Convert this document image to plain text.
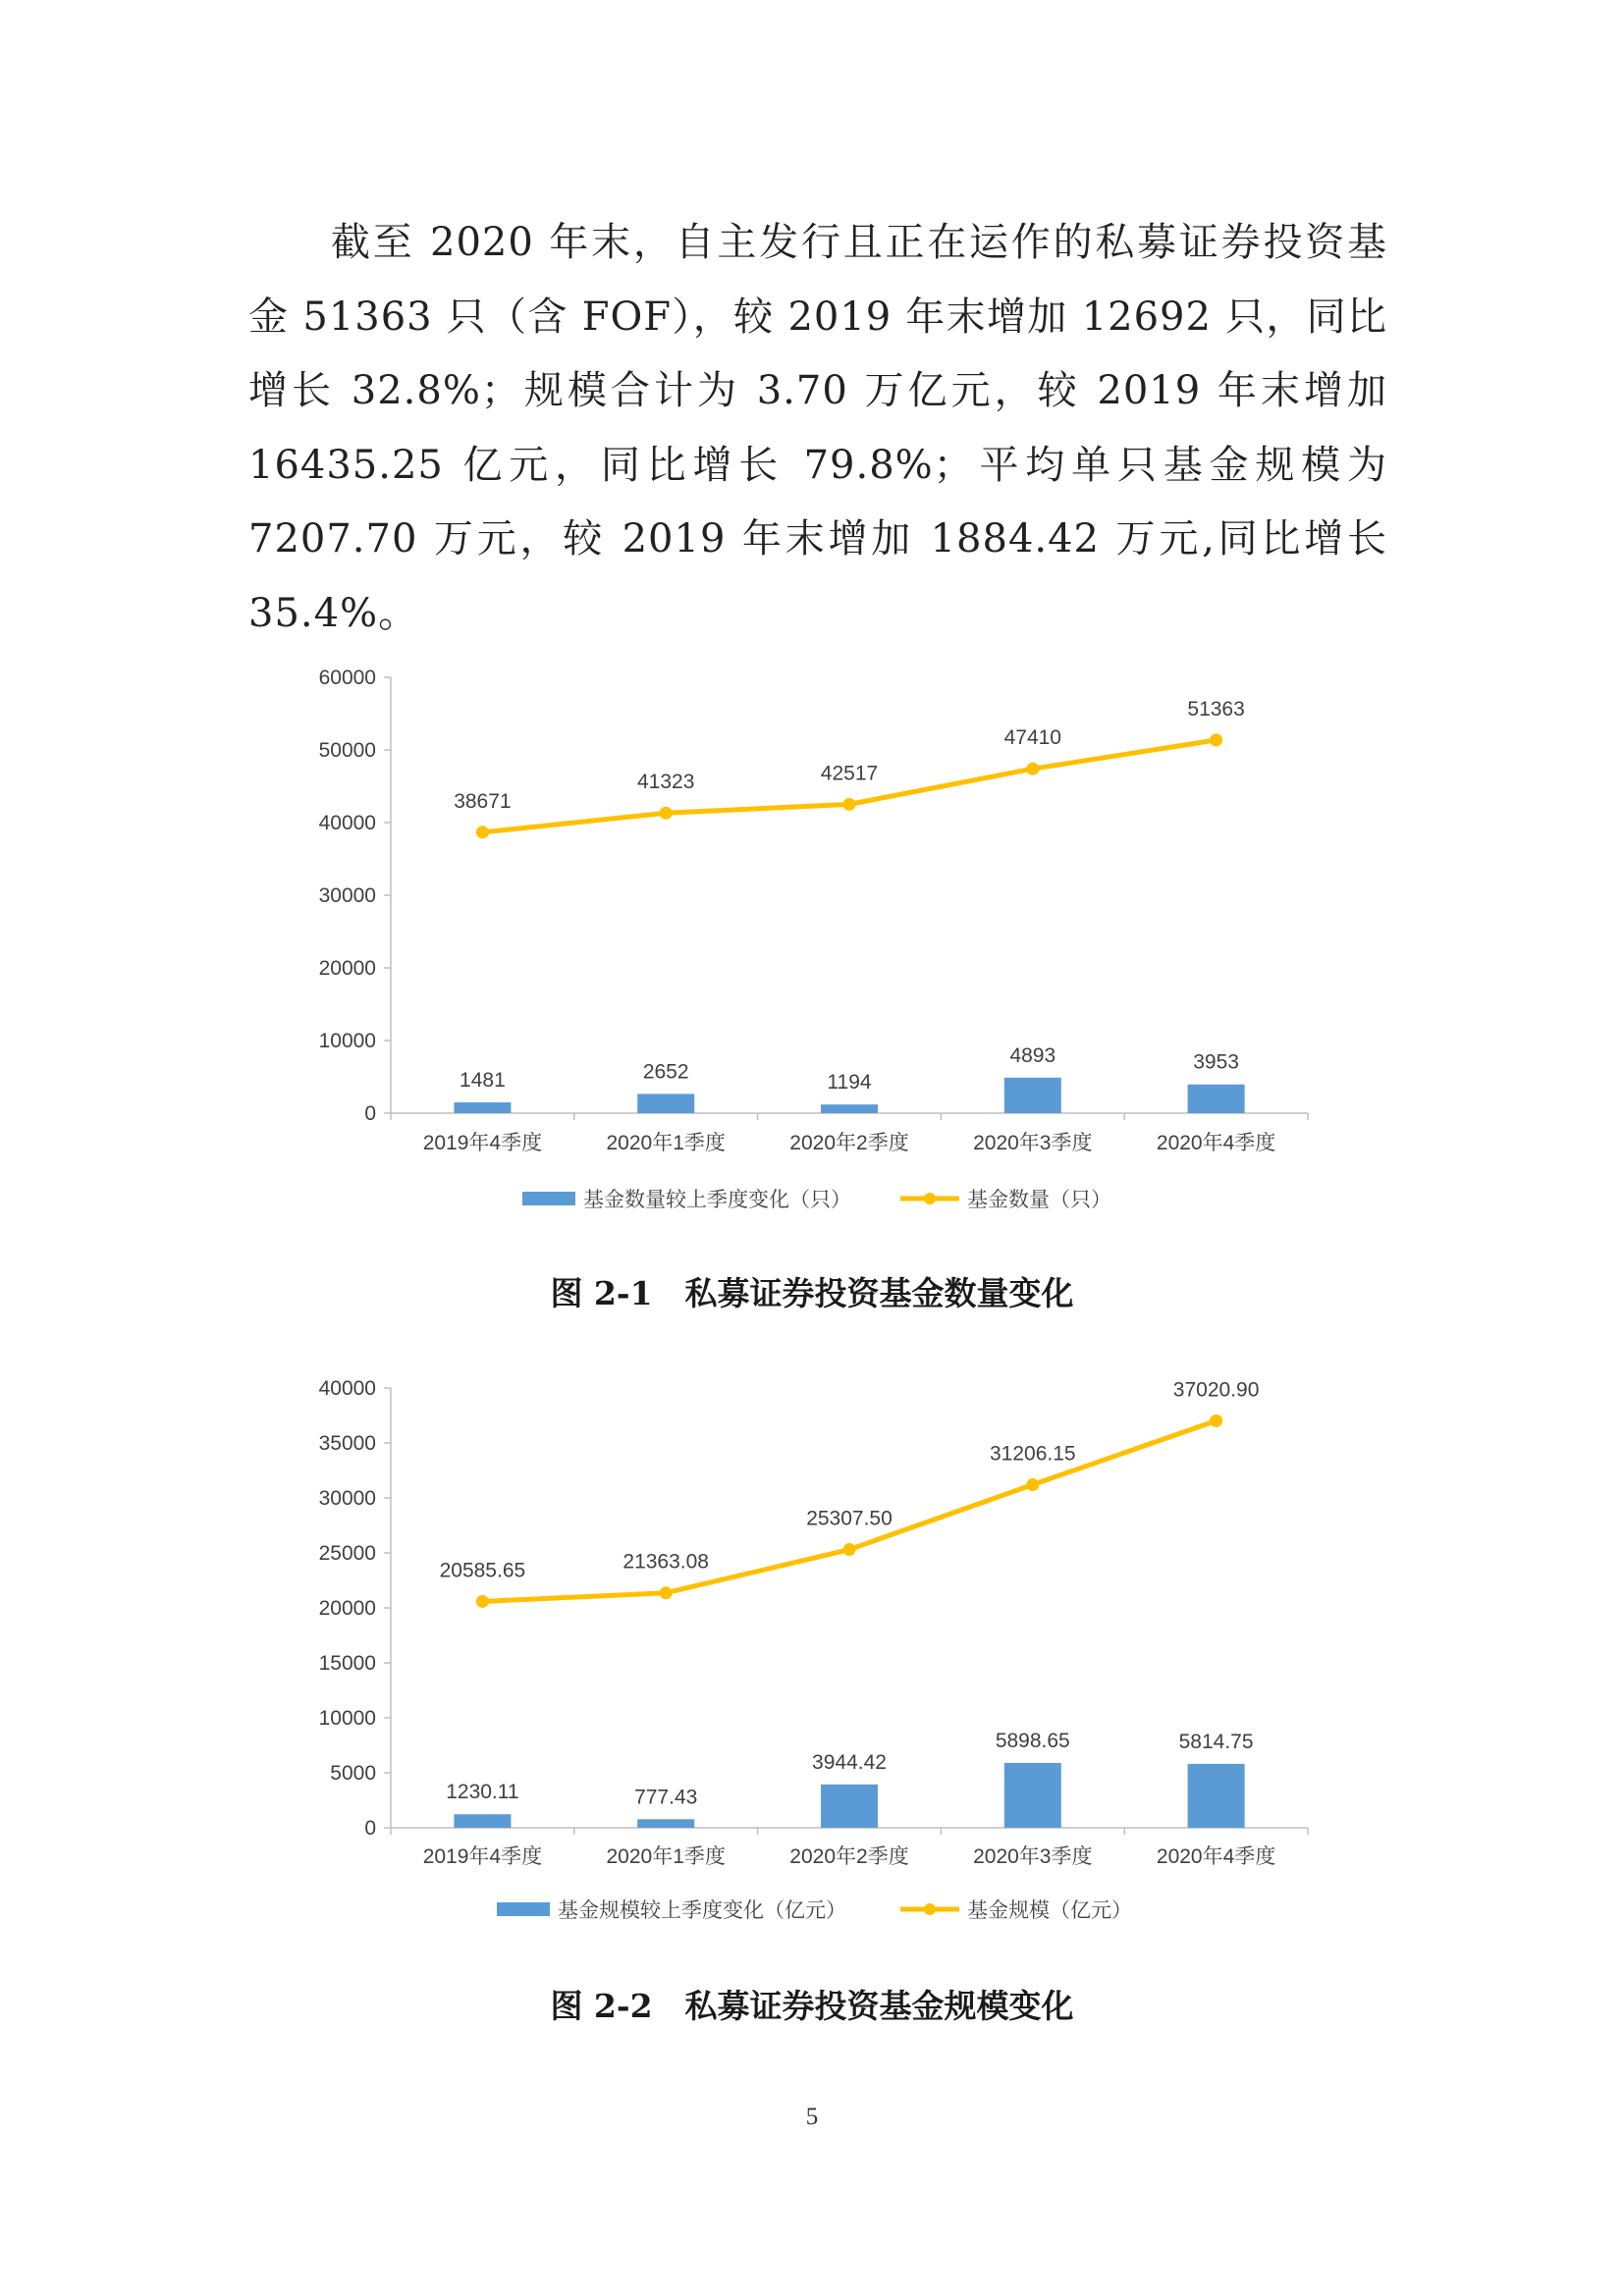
截至 2020 年末，自主发行且正在运作的私募证券投资基金 51363 只（含 FOF），较 2019 年末增加 12692 只，同比增长 32.8%；规模合计为 3.70 万亿元，较 2019 年末增加 16435.25 亿元，同比增长 79.8%；平均单只基金规模为 7207.70 万元，较 2019 年末增加 1884.42 万元,同比增长 35.4%。

0
10000
20000
30000
40000
50000
60000
2019年4季度	2020年1季度	2020年2季度	2020年3季度	2020年4季度
1481	2652	1194
4893	3953
38671
41323	42517
47410
51363
基金数量较上季度变化（只）	基金数量（只）
图 2-1　私募证券投资基金数量变化
0
5000
10000
15000
20000
25000
30000
35000
40000
2019年4季度	2020年1季度	2020年2季度	2020年3季度	2020年4季度
1230.11	777.43
3944.42
5898.65	5814.75
20585.65	21363.08
25307.50
31206.15
37020.90
基金规模较上季度变化（亿元）	基金规模（亿元）
图 2-2　私募证券投资基金规模变化
5
